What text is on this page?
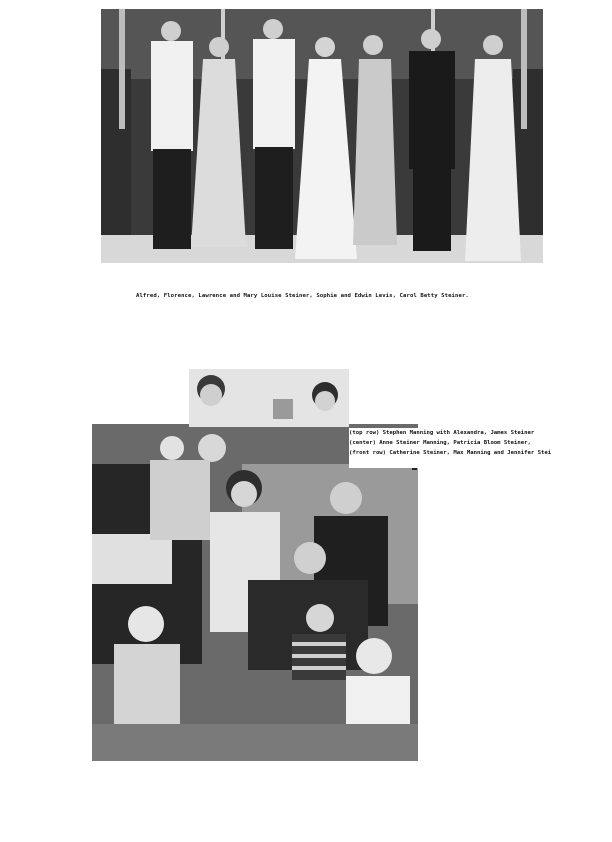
Alfred, Florence, Lawrence and Mary Louise Steiner, Sophie and Edwin Levis, Carol Betty Steiner.
(top row) Stephen Manning with Alexandra, James Steiner
(center) Anne Steiner Manning, Patricia Bloom Steiner,
(front row) Catherine Steiner, Max Manning and Jennifer Stei
